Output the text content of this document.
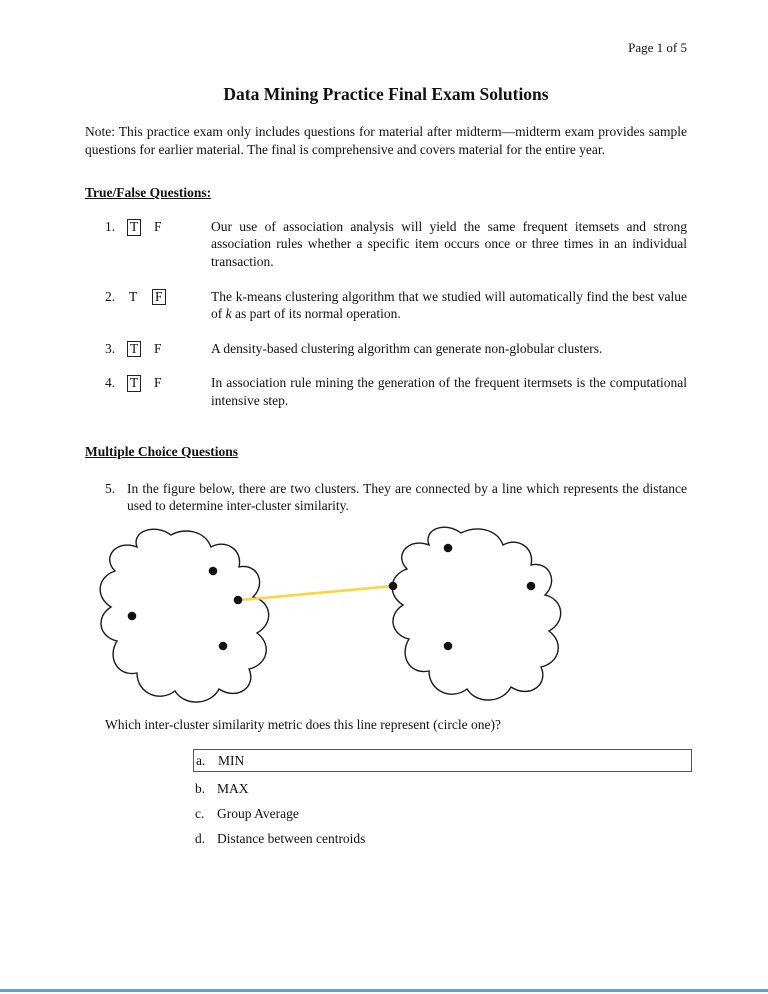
Page 1 of 5
Data Mining Practice Final Exam Solutions

Note: This practice exam only includes questions for material after midterm—midterm exam provides sample questions for earlier material. The final is comprehensive and covers material for the entire year.

True/False Questions:
1.	T	F	Our use of association analysis will yield the same frequent itemsets and strong association rules whether a specific item occurs once or three times in an individual transaction.

2.	T	F	The k-means clustering algorithm that we studied will automatically find the best value of k as part of its normal operation.

3.	T	F	A density-based clustering algorithm can generate non-globular clusters.

4.	T	F	In association rule mining the generation of the frequent itermsets is the computational intensive step.

Multiple Choice Questions
5. In the figure below, there are two clusters. They are connected by a line which represents the distance used to determine inter-cluster similarity.

Which inter-cluster similarity metric does this line represent (circle one)?
a. MIN
b. MAX
c. Group Average
d. Distance between centroids
